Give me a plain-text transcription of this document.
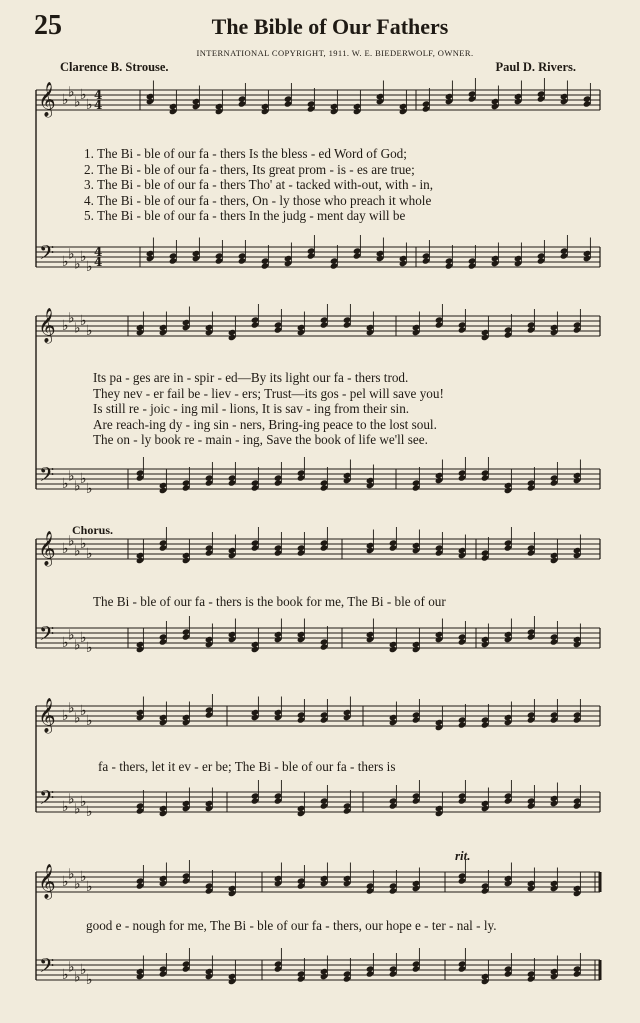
25	The Bible of Our Fathers
INTERNATIONAL COPYRIGHT, 1911. W. E. BIEDERWOLF, OWNER.
Clarence B. Strouse.	Paul D. Rivers.
𝄞
𝄢
♭
♭
♭
♭
♭
♭
♭
♭
♭
♭
4
4
4
4
𝄞
𝄢
♭
♭
♭
♭
♭
♭
♭
♭
♭
♭
𝄞
𝄢
♭
♭
♭
♭
♭
♭
♭
♭
♭
♭
𝄞
𝄢
♭
♭
♭
♭
♭
♭
♭
♭
♭
♭
𝄞
𝄢
♭
♭
♭
♭
♭
♭
♭
♭
♭
♭
1. The Bi - ble of our fa - thers Is the bless - ed Word of God;
2. The Bi - ble of our fa - thers, Its great prom - is - es are true;
3. The Bi - ble of our fa - thers Tho' at - tacked with-out, with - in,
4. The Bi - ble of our fa - thers, On - ly those who preach it whole
5. The Bi - ble of our fa - thers In the judg - ment day will be
Its pa - ges are in - spir - ed—By its light our fa - thers trod.
They nev - er fail be - liev - ers; Trust—its gos - pel will save you!
Is still re - joic - ing mil - lions, It is sav - ing from their sin.
Are reach-ing dy - ing sin - ners, Bring-ing peace to the lost soul.
The on - ly book re - main - ing, Save the book of life we'll see.
Chorus.
The Bi - ble of our fa - thers is the book for me, The Bi - ble of our
fa - thers, let it ev - er be; The Bi - ble of our fa - thers is
good e - nough for me, The Bi - ble of our fa - thers, our hope e - ter - nal - ly.
rit.
